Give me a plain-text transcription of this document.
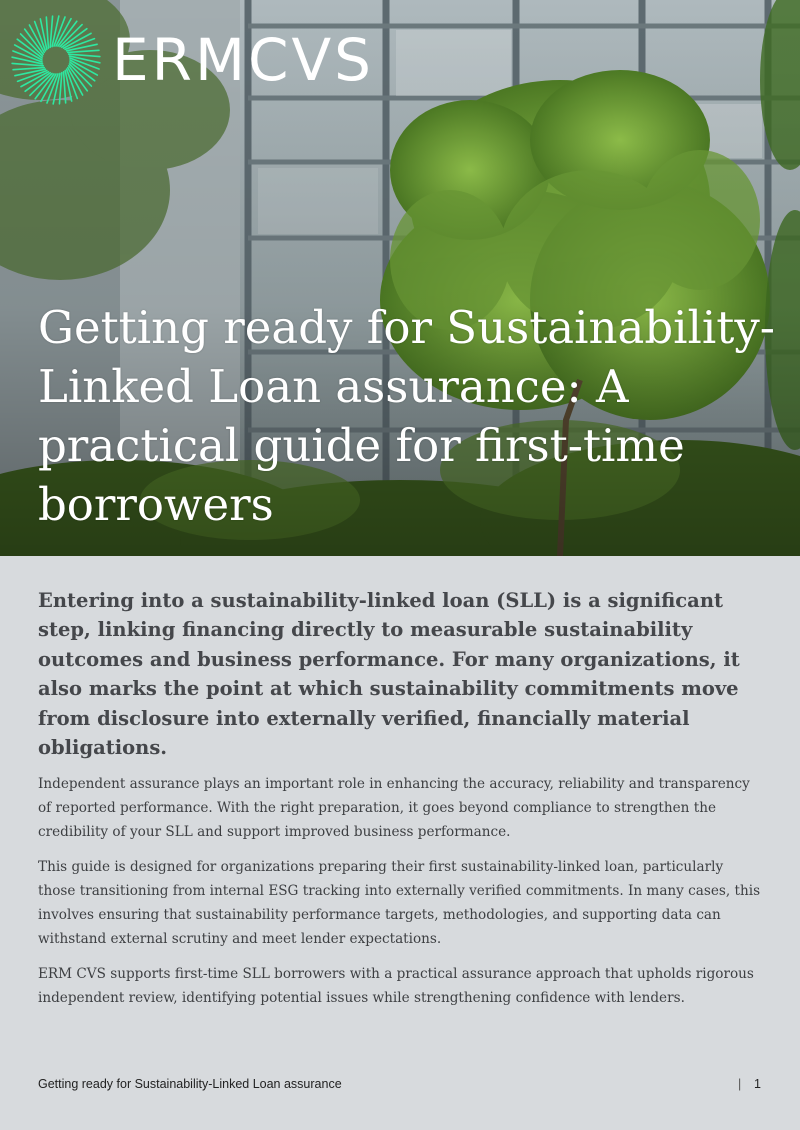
ERMCVS
Getting ready for Sustainability-Linked Loan assurance: A practical guide for first-time borrowers

Entering into a sustainability-linked loan (SLL) is a significant step, linking financing directly to measurable sustainability outcomes and business performance. For many organizations, it also marks the point at which sustainability commitments move from disclosure into externally verified, financially material obligations.

Independent assurance plays an important role in enhancing the accuracy, reliability and transparency of reported performance. With the right preparation, it goes beyond compliance to strengthen the credibility of your SLL and support improved business performance.

This guide is designed for organizations preparing their first sustainability-linked loan, particularly those transitioning from internal ESG tracking into externally verified commitments. In many cases, this involves ensuring that sustainability performance targets, methodologies, and supporting data can withstand external scrutiny and meet lender expectations.

ERM CVS supports first-time SLL borrowers with a practical assurance approach that upholds rigorous independent review, identifying potential issues while strengthening confidence with lenders.

Getting ready for Sustainability-Linked Loan assurance	| 1
